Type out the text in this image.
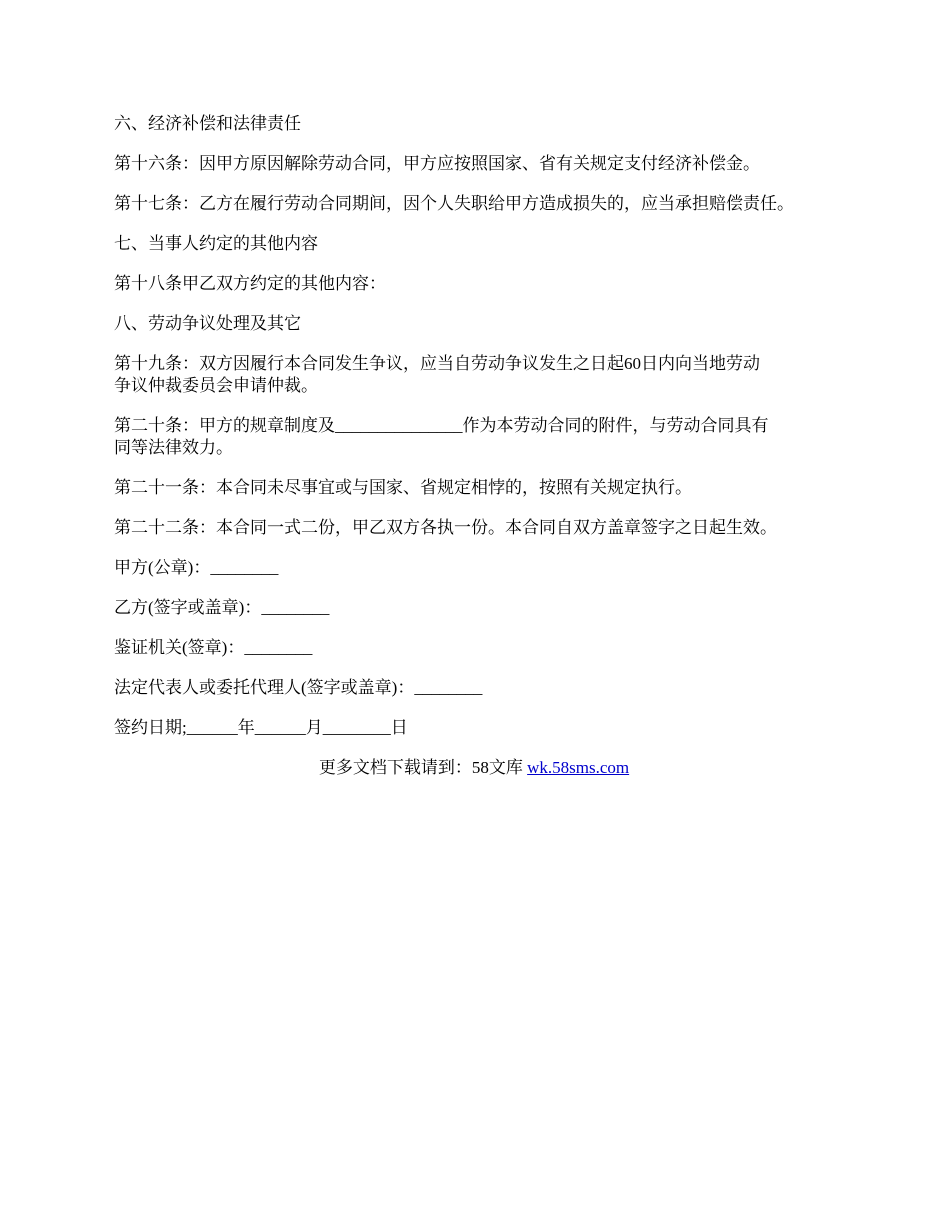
六、经济补偿和法律责任

第十六条：因甲方原因解除劳动合同，甲方应按照国家、省有关规定支付经济补偿金。

第十七条：乙方在履行劳动合同期间，因个人失职给甲方造成损失的，应当承担赔偿责任。

七、当事人约定的其他内容

第十八条甲乙双方约定的其他内容：

八、劳动争议处理及其它

第十九条：双方因履行本合同发生争议，应当自劳动争议发生之日起60日内向当地劳动
争议仲裁委员会申请仲裁。

第二十条：甲方的规章制度及_______________作为本劳动合同的附件，与劳动合同具有
同等法律效力。

第二十一条：本合同未尽事宜或与国家、省规定相悖的，按照有关规定执行。

第二十二条：本合同一式二份，甲乙双方各执一份。本合同自双方盖章签字之日起生效。

甲方(公章)：________

乙方(签字或盖章)：________

鉴证机关(签章)：________

法定代表人或委托代理人(签字或盖章)：________

签约日期;______年______月________日

更多文档下载请到：58文库 wk.58sms.com
